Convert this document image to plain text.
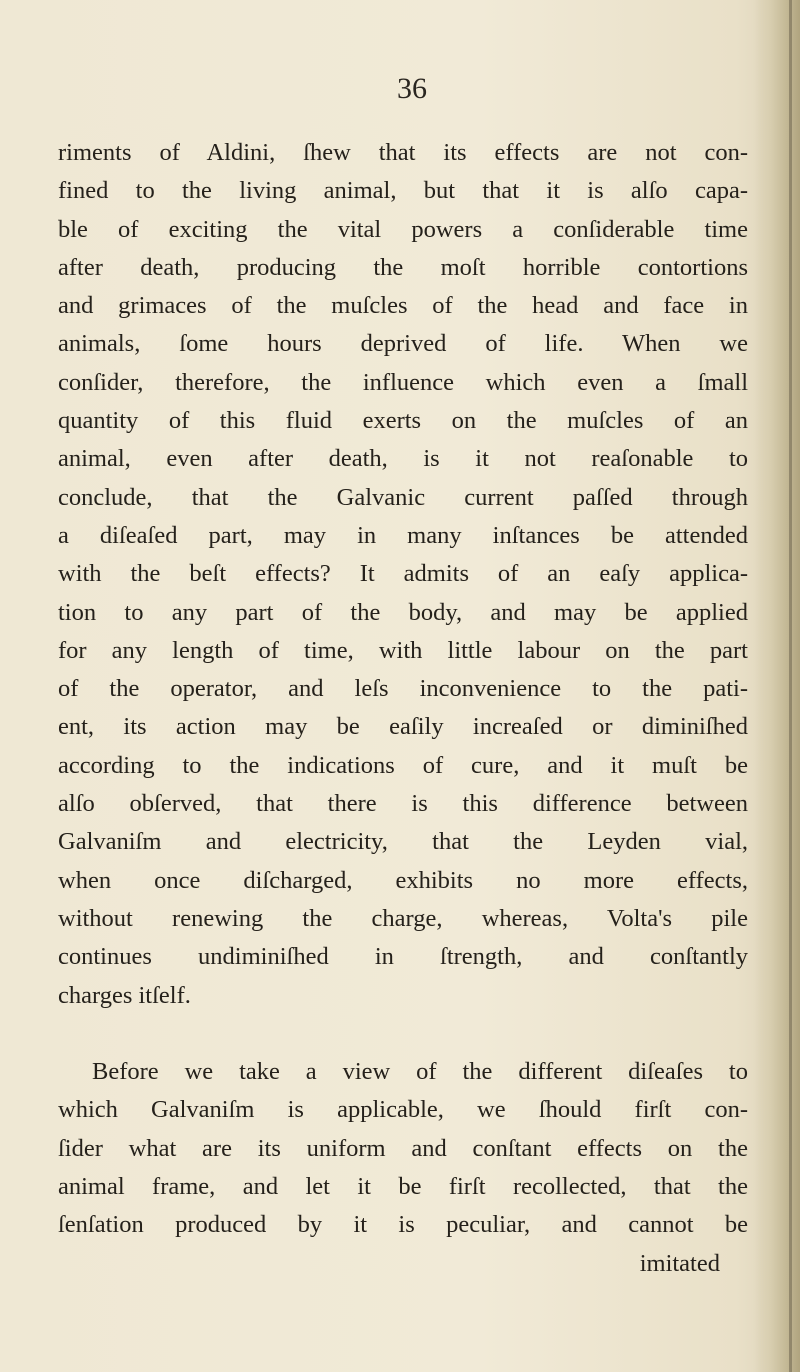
36
riments of Aldini, ſhew that its effects are not con-
fined to the living animal, but that it is alſo capa-
ble of exciting the vital powers a conſiderable time
after death, producing the moſt horrible contortions
and grimaces of the muſcles of the head and face in
animals, ſome hours deprived of life. When we
conſider, therefore, the influence which even a ſmall
quantity of this fluid exerts on the muſcles of an
animal, even after death, is it not reaſonable to
conclude, that the Galvanic current paſſed through
a diſeaſed part, may in many inſtances be attended
with the beſt effects? It admits of an eaſy applica-
tion to any part of the body, and may be applied
for any length of time, with little labour on the part
of the operator, and leſs inconvenience to the pati-
ent, its action may be eaſily increaſed or diminiſhed
according to the indications of cure, and it muſt be
alſo obſerved, that there is this difference between
Galvaniſm and electricity, that the Leyden vial,
when once diſcharged, exhibits no more effects,
without renewing the charge, whereas, Volta's pile
continues undiminiſhed in ſtrength, and conſtantly
charges itſelf.
Before we take a view of the different diſeaſes to
which Galvaniſm is applicable, we ſhould firſt con-
ſider what are its uniform and conſtant effects on the
animal frame, and let it be firſt recollected, that the
ſenſation produced by it is peculiar, and cannot be
imitated
